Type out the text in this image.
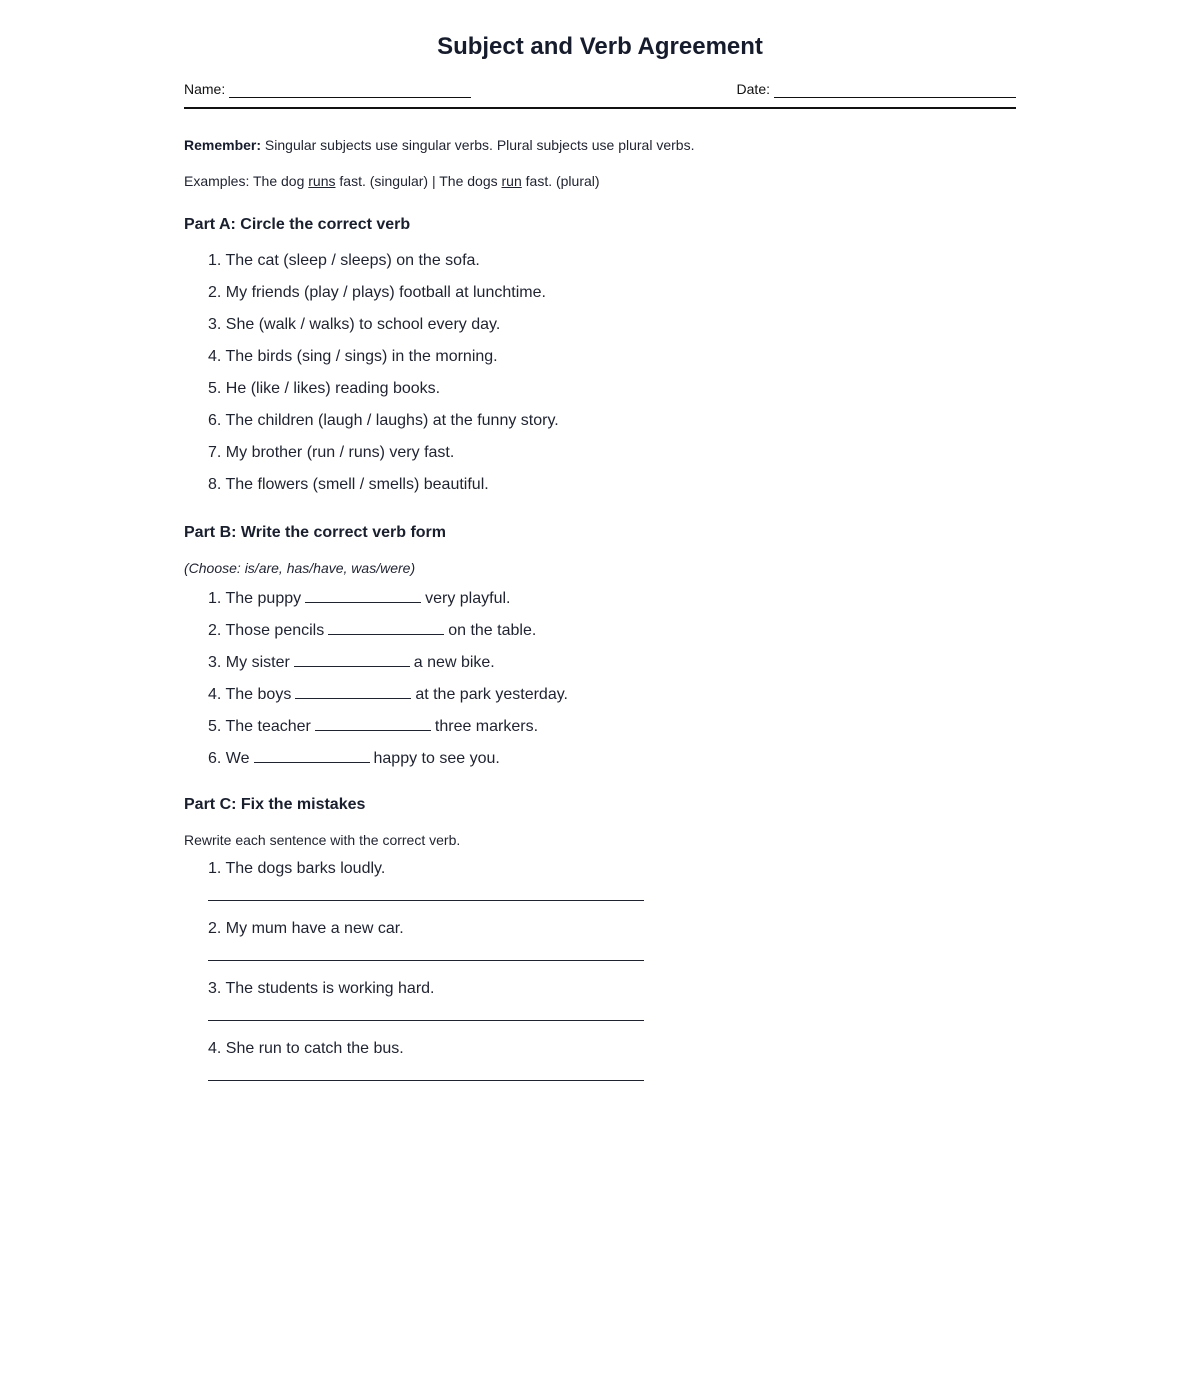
Subject and Verb Agreement
Name:	Date:
Remember: Singular subjects use singular verbs. Plural subjects use plural verbs.
Examples: The dog runs fast. (singular) | The dogs run fast. (plural)
Part A: Circle the correct verb
1. The cat (sleep / sleeps) on the sofa.
2. My friends (play / plays) football at lunchtime.
3. She (walk / walks) to school every day.
4. The birds (sing / sings) in the morning.
5. He (like / likes) reading books.
6. The children (laugh / laughs) at the funny story.
7. My brother (run / runs) very fast.
8. The flowers (smell / smells) beautiful.
Part B: Write the correct verb form
(Choose: is/are, has/have, was/were)
1. The puppy	very playful.
2. Those pencils	on the table.
3. My sister	a new bike.
4. The boys	at the park yesterday.
5. The teacher	three markers.
6. We	happy to see you.
Part C: Fix the mistakes
Rewrite each sentence with the correct verb.
1. The dogs barks loudly.
2. My mum have a new car.
3. The students is working hard.
4. She run to catch the bus.
